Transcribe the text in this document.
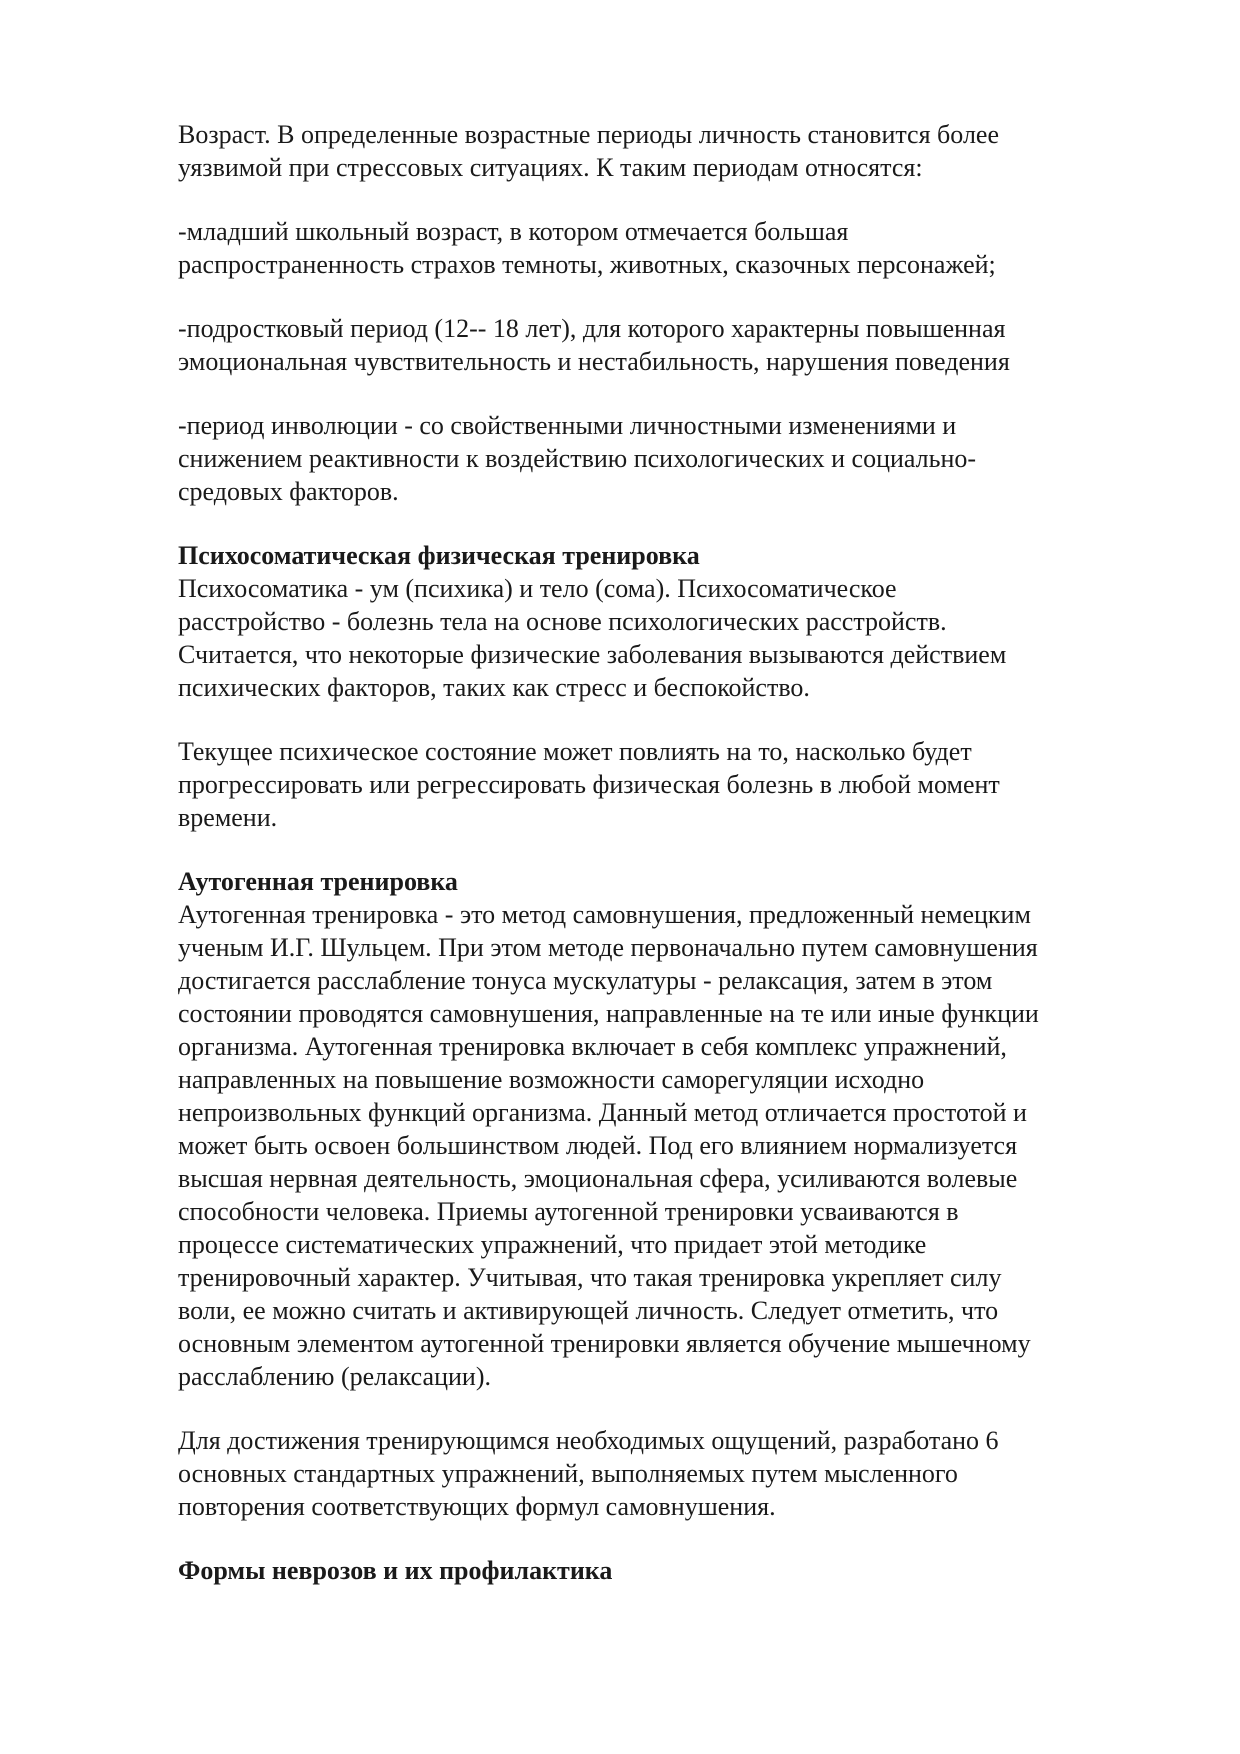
Возраст. В определенные возрастные периоды личность становится более
уязвимой при стрессовых ситуациях. К таким периодам относятся:
-младший школьный возраст, в котором отмечается большая
распространенность страхов темноты, животных, сказочных персонажей;
-подростковый период (12-- 18 лет), для которого характерны повышенная
эмоциональная чувствительность и нестабильность, нарушения поведения
-период инволюции - со свойственными личностными изменениями и
снижением реактивности к воздействию психологических и социально-
средовых факторов.
Психосоматическая физическая тренировка
Психосоматика - ум (психика) и тело (сома). Психосоматическое
расстройство - болезнь тела на основе психологических расстройств.
Считается, что некоторые физические заболевания вызываются действием
психических факторов, таких как стресс и беспокойство.
Текущее психическое состояние может повлиять на то, насколько будет
прогрессировать или регрессировать физическая болезнь в любой момент
времени.
Аутогенная тренировка
Аутогенная тренировка - это метод самовнушения, предложенный немецким
ученым И.Г. Шульцем. При этом методе первоначально путем самовнушения
достигается расслабление тонуса мускулатуры - релаксация, затем в этом
состоянии проводятся самовнушения, направленные на те или иные функции
организма. Аутогенная тренировка включает в себя комплекс упражнений,
направленных на повышение возможности саморегуляции исходно
непроизвольных функций организма. Данный метод отличается простотой и
может быть освоен большинством людей. Под его влиянием нормализуется
высшая нервная деятельность, эмоциональная сфера, усиливаются волевые
способности человека. Приемы аутогенной тренировки усваиваются в
процессе систематических упражнений, что придает этой методике
тренировочный характер. Учитывая, что такая тренировка укрепляет силу
воли, ее можно считать и активирующей личность. Следует отметить, что
основным элементом аутогенной тренировки является обучение мышечному
расслаблению (релаксации).
Для достижения тренирующимся необходимых ощущений, разработано 6
основных стандартных упражнений, выполняемых путем мысленного
повторения соответствующих формул самовнушения.
Формы неврозов и их профилактика
